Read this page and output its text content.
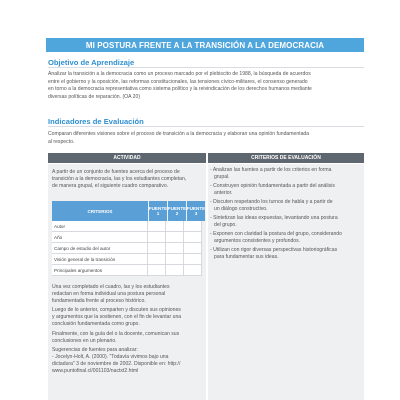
MI POSTURA FRENTE A LA TRANSICIÓN A LA DEMOCRACIA
Objetivo de Aprendizaje

Analizar la transición a la democracia como un proceso marcado por el plebiscito de 1988, la búsqueda de acuerdos

entre el gobierno y la oposición, las reformas constitucionales, las tensiones cívico-militares, el consenso generado

en torno a la democracia representativa como sistema político y la reivindicación de los derechos humanos mediante

diversas políticas de reparación. (OA 20)

Indicadores de Evaluación

Comparan diferentes visiones sobre el proceso de transición a la democracia y elaboran una opinión fundamentada

al respecto.

ACTIVIDAD	CRITERIOS DE EVALUACIÓN

A partir de un conjunto de fuentes acerca del proceso de

transición a la democracia, las y los estudiantes completan,

de manera grupal, el siguiente cuadro comparativo.

CRITERIOS	FUENTE 1
FUENTE 2
FUENTE 3
Autor
Año
Campo de estudio del autor
Visión general de la transición
Principales argumentos

Una vez completado el cuadro, las y los estudiantes

redactan en forma individual una postura personal

fundamentada frente al proceso histórico.

Luego de lo anterior, comparten y discuten sus opiniones

y argumentos que la sostienen, con el fin de levantar una

conclusión fundamentada como grupo.

Finalmente, con la guía del o la docente, comunican sus

conclusiones en un plenario.

Sugerencias de fuentes para analizar:

- Jocelyn-Holt, A. (2000). "Todavía vivimos bajo una

dictadura" 3 de noviembre de 2002. Disponible en: http://

www.puntofinal.cl/001103/nactxt2.html

- Analizan las fuentes a partir de los criterios en forma

grupal.

- Construyen opinión fundamentada a partir del análisis

anterior.

- Discuten respetando los turnos de habla y a partir de

un diálogo constructivo.

- Sintetizan las ideas expuestas, levantando una postura

del grupo.

- Exponen con claridad la postura del grupo, considerando

argumentos consistentes y profundos.

- Utilizan con rigor diversas perspectivas historiográficas

para fundamentar sus ideas.
